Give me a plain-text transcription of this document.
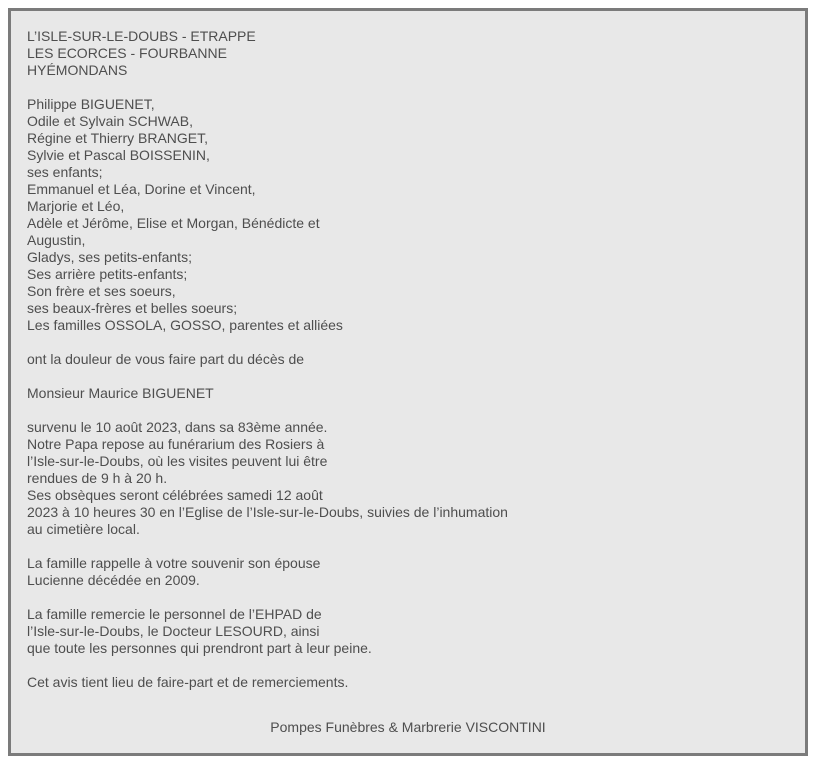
L’ISLE-SUR-LE-DOUBS - ETRAPPE
LES ECORCES - FOURBANNE
HYÉMONDANS
Philippe BIGUENET,
Odile et Sylvain SCHWAB,
Régine et Thierry BRANGET,
Sylvie et Pascal BOISSENIN,
ses enfants;
Emmanuel et Léa, Dorine et Vincent,
Marjorie et Léo,
Adèle et Jérôme, Elise et Morgan, Bénédicte et
Augustin,
Gladys, ses petits-enfants;
Ses arrière petits-enfants;
Son frère et ses soeurs,
ses beaux-frères et belles soeurs;
Les familles OSSOLA, GOSSO, parentes et alliées
ont la douleur de vous faire part du décès de
Monsieur Maurice BIGUENET
survenu le 10 août 2023, dans sa 83ème année.
Notre Papa repose au funérarium des Rosiers à
l’Isle-sur-le-Doubs, où les visites peuvent lui être
rendues de 9 h à 20 h.
Ses obsèques seront célébrées samedi 12 août
2023 à 10 heures 30 en l’Eglise de l’Isle-sur-le-Doubs, suivies de l’inhumation
au cimetière local.
La famille rappelle à votre souvenir son épouse
Lucienne décédée en 2009.
La famille remercie le personnel de l’EHPAD de
l’Isle-sur-le-Doubs, le Docteur LESOURD, ainsi
que toute les personnes qui prendront part à leur peine.
Cet avis tient lieu de faire-part et de remerciements.
Pompes Funèbres & Marbrerie VISCONTINI
